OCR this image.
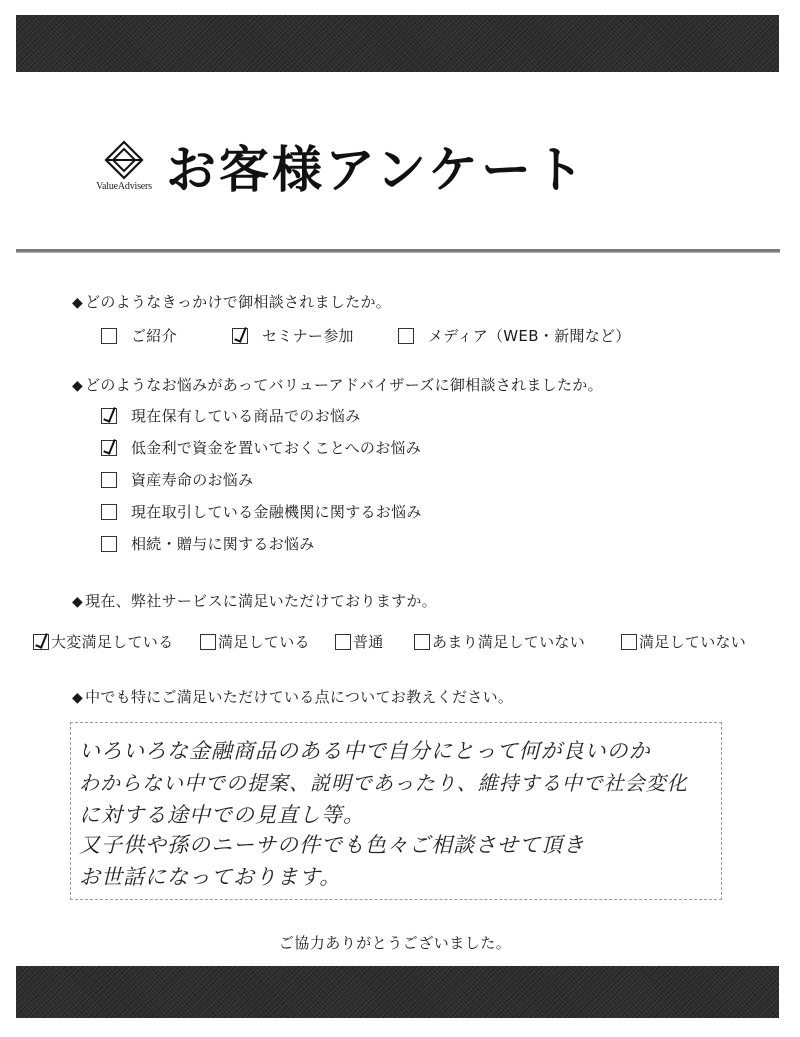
ValueAdvisers お客様アンケート
◆ どのようなきっかけで御相談されましたか。
ご紹介	セミナー参加	メディア（WEB・新聞など）
◆ どのようなお悩みがあってバリューアドバイザーズに御相談されましたか。
現在保有している商品でのお悩み
低金利で資金を置いておくことへのお悩み
資産寿命のお悩み
現在取引している金融機関に関するお悩み
相続・贈与に関するお悩み
◆ 現在、弊社サービスに満足いただけておりますか。
大変満足している	満足している	普通	あまり満足していない	満足していない
◆ 中でも特にご満足いただけている点についてお教えください。
いろいろな金融商品のある中で自分にとって何が良いのか
わからない中での提案、説明であったり、維持する中で社会変化
に対する途中での見直し等。
又子供や孫のニーサの件でも色々ご相談させて頂き
お世話になっております。
ご協力ありがとうございました。
